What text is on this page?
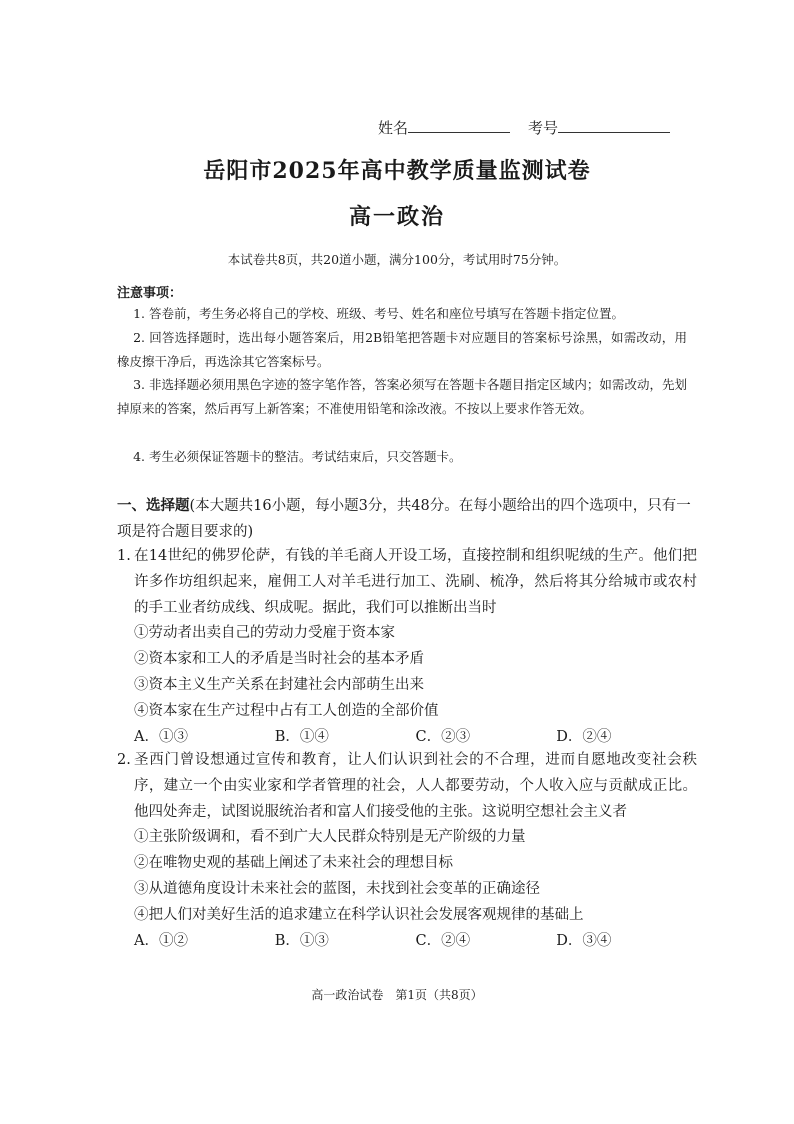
姓名	考号
岳阳市2025年高中教学质量监测试卷
高一政治
本试卷共8页，共20道小题，满分100分，考试用时75分钟。
注意事项：
1. 答卷前，考生务必将自己的学校、班级、考号、姓名和座位号填写在答题卡指定位置。
2. 回答选择题时，选出每小题答案后，用2B铅笔把答题卡对应题目的答案标号涂黑，如需改动，用橡皮擦干净后，再选涂其它答案标号。
3. 非选择题必须用黑色字迹的签字笔作答，答案必须写在答题卡各题目指定区域内；如需改动，先划掉原来的答案，然后再写上新答案；不准使用铅笔和涂改液。不按以上要求作答无效。
4. 考生必须保证答题卡的整洁。考试结束后，只交答题卡。
一、选择题(本大题共16小题，每小题3分，共48分。在每小题给出的四个选项中，只有一项是符合题目要求的)
1. 在14世纪的佛罗伦萨，有钱的羊毛商人开设工场，直接控制和组织呢绒的生产。他们把许多作坊组织起来，雇佣工人对羊毛进行加工、洗刷、梳净，然后将其分给城市或农村的手工业者纺成线、织成呢。据此，我们可以推断出当时
①劳动者出卖自己的劳动力受雇于资本家
②资本家和工人的矛盾是当时社会的基本矛盾
③资本主义生产关系在封建社会内部萌生出来
④资本家在生产过程中占有工人创造的全部价值
A．①③	B．①④	C．②③	D．②④
2. 圣西门曾设想通过宣传和教育，让人们认识到社会的不合理，进而自愿地改变社会秩序，建立一个由实业家和学者管理的社会，人人都要劳动，个人收入应与贡献成正比。他四处奔走，试图说服统治者和富人们接受他的主张。这说明空想社会主义者
①主张阶级调和，看不到广大人民群众特别是无产阶级的力量
②在唯物史观的基础上阐述了未来社会的理想目标
③从道德角度设计未来社会的蓝图，未找到社会变革的正确途径
④把人们对美好生活的追求建立在科学认识社会发展客观规律的基础上
A．①②	B．①③	C．②④	D．③④
高一政治试卷　第1页（共8页）
